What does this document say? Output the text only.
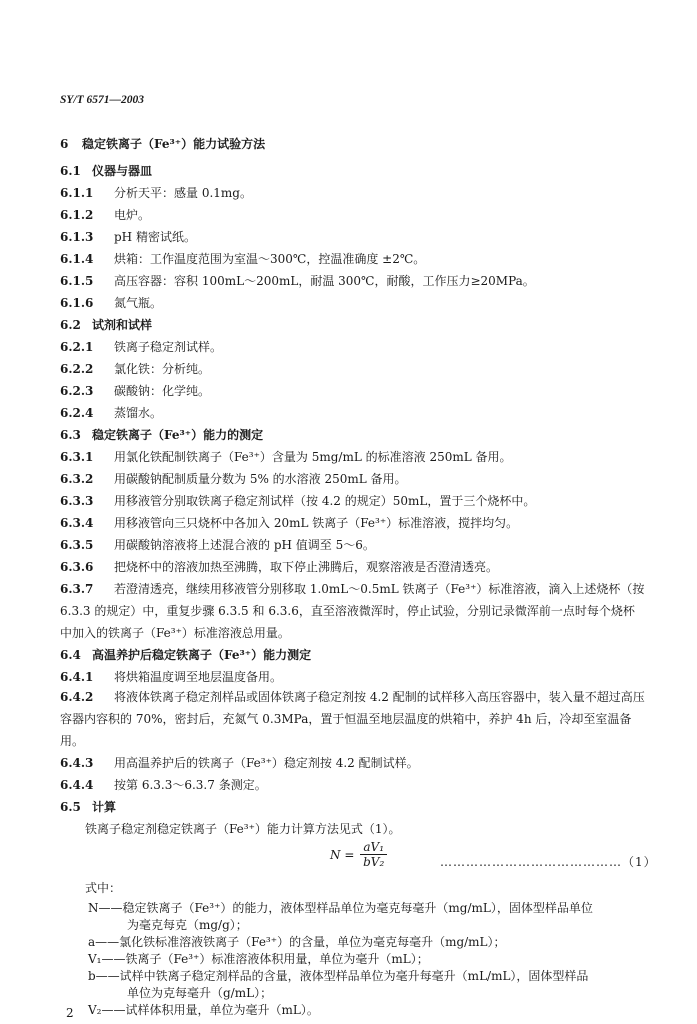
SY/T 6571—2003
6 稳定铁离子（Fe³⁺）能力试验方法
6.1 仪器与器皿
6.1.1 分析天平：感量 0.1mg。
6.1.2 电炉。
6.1.3 pH 精密试纸。
6.1.4 烘箱：工作温度范围为室温～300℃，控温准确度 ±2℃。
6.1.5 高压容器：容积 100mL～200mL，耐温 300℃，耐酸，工作压力≥20MPa。
6.1.6 氮气瓶。
6.2 试剂和试样
6.2.1 铁离子稳定剂试样。
6.2.2 氯化铁：分析纯。
6.2.3 碳酸钠：化学纯。
6.2.4 蒸馏水。
6.3 稳定铁离子（Fe³⁺）能力的测定
6.3.1 用氯化铁配制铁离子（Fe³⁺）含量为 5mg/mL 的标准溶液 250mL 备用。
6.3.2 用碳酸钠配制质量分数为 5% 的水溶液 250mL 备用。
6.3.3 用移液管分别取铁离子稳定剂试样（按 4.2 的规定）50mL，置于三个烧杯中。
6.3.4 用移液管向三只烧杯中各加入 20mL 铁离子（Fe³⁺）标准溶液，搅拌均匀。
6.3.5 用碳酸钠溶液将上述混合液的 pH 值调至 5～6。
6.3.6 把烧杯中的溶液加热至沸腾，取下停止沸腾后，观察溶液是否澄清透亮。
6.3.7 若澄清透亮，继续用移液管分别移取 1.0mL～0.5mL 铁离子（Fe³⁺）标准溶液，滴入上述烧杯（按 6.3.3 的规定）中，重复步骤 6.3.5 和 6.3.6，直至溶液微浑时，停止试验，分别记录微浑前一点时每个烧杯中加入的铁离子（Fe³⁺）标准溶液总用量。
6.4 高温养护后稳定铁离子（Fe³⁺）能力测定
6.4.1 将烘箱温度调至地层温度备用。
6.4.2 将液体铁离子稳定剂样品或固体铁离子稳定剂按 4.2 配制的试样移入高压容器中，装入量不超过高压容器内容积的 70%，密封后，充氮气 0.3MPa，置于恒温至地层温度的烘箱中，养护 4h 后，冷却至室温备用。
6.4.3 用高温养护后的铁离子（Fe³⁺）稳定剂按 4.2 配制试样。
6.4.4 按第 6.3.3～6.3.7 条测定。
6.5 计算
铁离子稳定剂稳定铁离子（Fe³⁺）能力计算方法见式（1）。
$N = \frac{\text{aV₁}}{\text{bV₂}}$	……………………………………（1）
式中：
N——稳定铁离子（Fe³⁺）的能力，液体型样品单位为毫克每毫升（mg/mL），固体型样品单位
为毫克每克（mg/g）；
a——氯化铁标准溶液铁离子（Fe³⁺）的含量，单位为毫克每毫升（mg/mL）；
V₁——铁离子（Fe³⁺）标准溶液体积用量，单位为毫升（mL）；
b——试样中铁离子稳定剂样品的含量，液体型样品单位为毫升每毫升（mL/mL），固体型样品
单位为克每毫升（g/mL）；
V₂——试样体积用量，单位为毫升（mL）。
2
